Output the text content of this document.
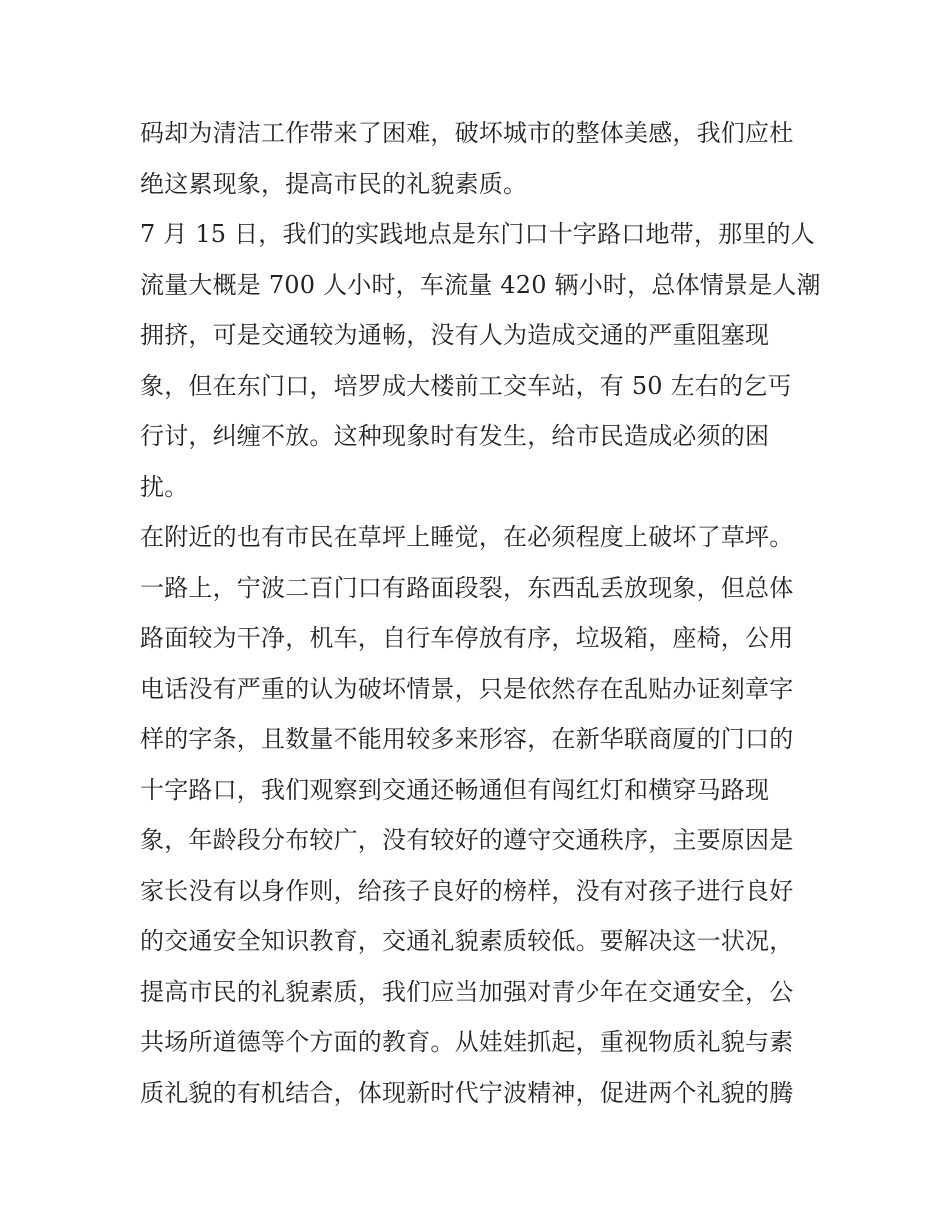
码却为清洁工作带来了困难，破坏城市的整体美感，我们应杜
绝这累现象，提高市民的礼貌素质。
7 月 15 日，我们的实践地点是东门口十字路口地带，那里的人
流量大概是 700 人小时，车流量 420 辆小时，总体情景是人潮
拥挤，可是交通较为通畅，没有人为造成交通的严重阻塞现
象，但在东门口，培罗成大楼前工交车站，有 50 左右的乞丐
行讨，纠缠不放。这种现象时有发生，给市民造成必须的困
扰。
在附近的也有市民在草坪上睡觉，在必须程度上破坏了草坪。
一路上，宁波二百门口有路面段裂，东西乱丢放现象，但总体
路面较为干净，机车，自行车停放有序，垃圾箱，座椅，公用
电话没有严重的认为破坏情景，只是依然存在乱贴办证刻章字
样的字条，且数量不能用较多来形容，在新华联商厦的门口的
十字路口，我们观察到交通还畅通但有闯红灯和横穿马路现
象，年龄段分布较广，没有较好的遵守交通秩序，主要原因是
家长没有以身作则，给孩子良好的榜样，没有对孩子进行良好
的交通安全知识教育，交通礼貌素质较低。要解决这一状况，
提高市民的礼貌素质，我们应当加强对青少年在交通安全，公
共场所道德等个方面的教育。从娃娃抓起，重视物质礼貌与素
质礼貌的有机结合，体现新时代宁波精神，促进两个礼貌的腾
